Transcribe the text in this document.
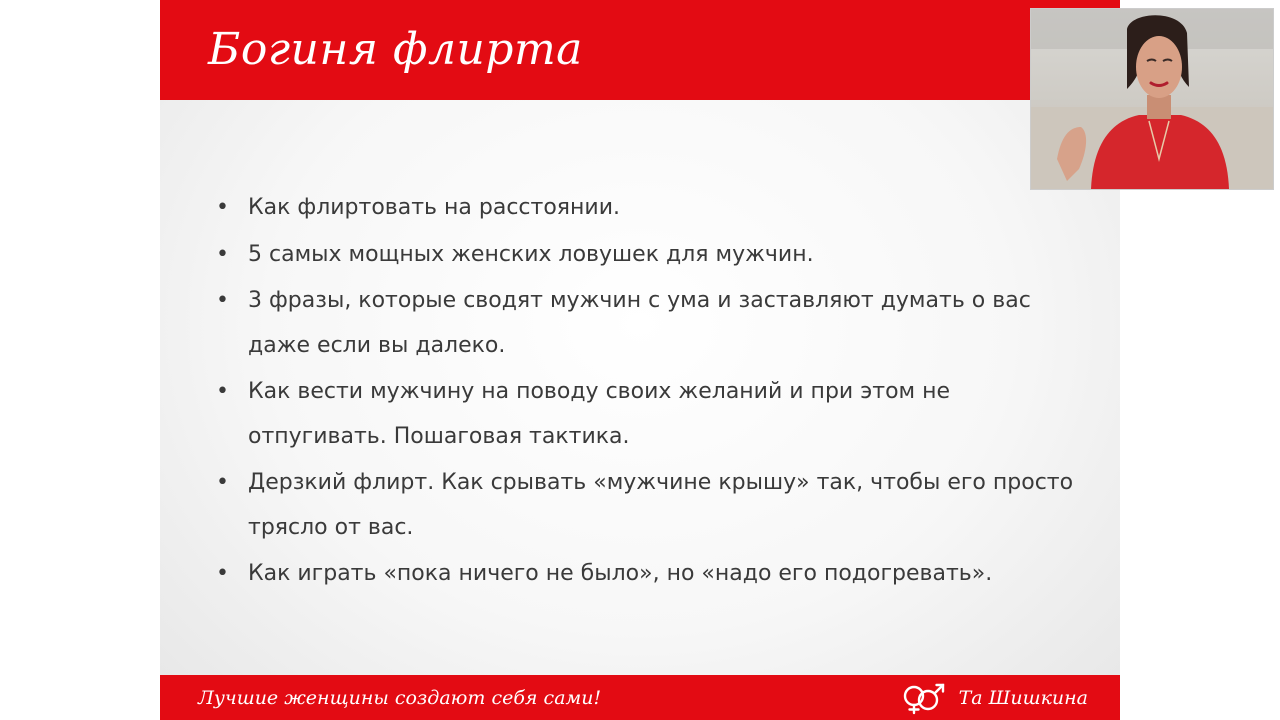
Богиня флирта
• Как флиртовать на расстоянии.
• 5 самых мощных женских ловушек для мужчин.
• 3 фразы, которые сводят мужчин с ума и заставляют думать о вас даже если вы далеко.
• Как вести мужчину на поводу своих желаний и при этом не отпугивать. Пошаговая тактика.
• Дерзкий флирт. Как срывать «мужчине крышу» так, чтобы его просто трясло от вас.
• Как играть «пока ничего не было», но «надо его подогревать».
Лучшие женщины создают себя сами!	Та Шишкина
